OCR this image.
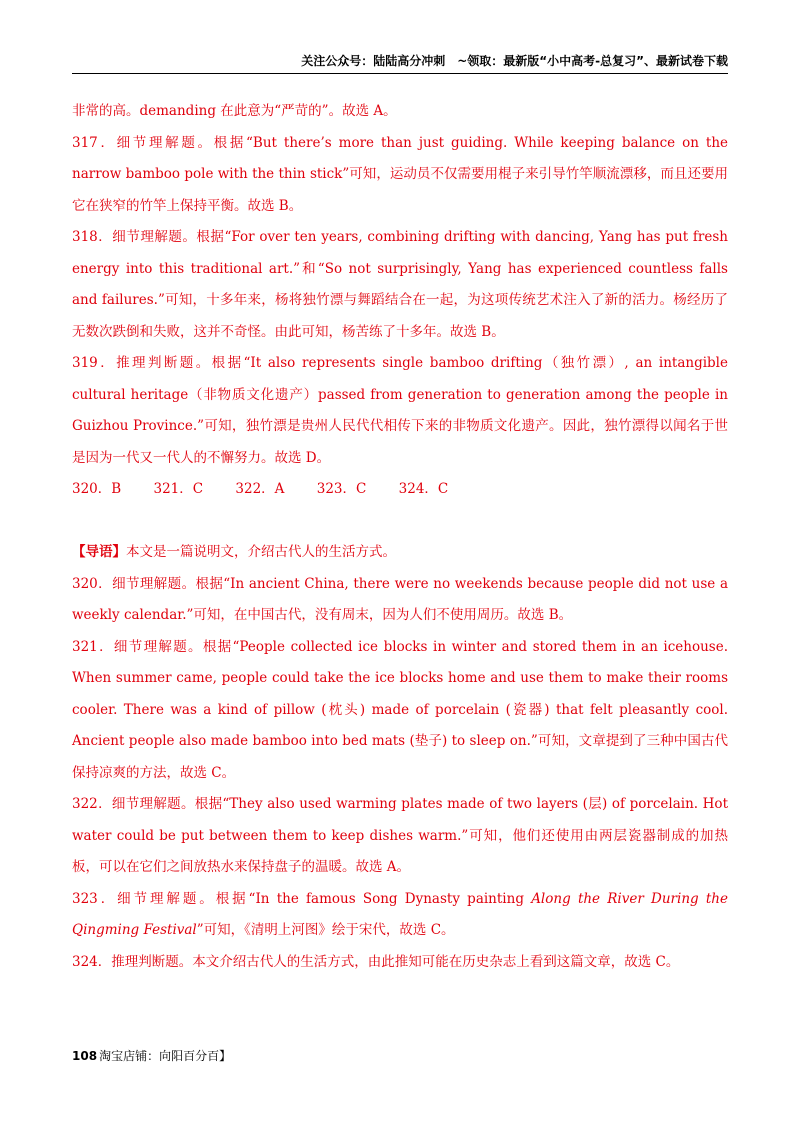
关注公众号：陆陆高分冲刺　~领取：最新版“小中高考-总复习”、最新试卷下载

非常的高。demanding 在此意为“严苛的”。故选 A。

317．细节理解题。根据“But there’s more than just guiding. While keeping balance on the narrow bamboo pole with the thin stick”可知，运动员不仅需要用棍子来引导竹竿顺流漂移，而且还要用它在狭窄的竹竿上保持平衡。故选 B。

318．细节理解题。根据“For over ten years, combining drifting with dancing, Yang has put fresh energy into this traditional art.”和“So not surprisingly, Yang has experienced countless falls and failures.”可知，十多年来，杨将独竹漂与舞蹈结合在一起，为这项传统艺术注入了新的活力。杨经历了无数次跌倒和失败，这并不奇怪。由此可知，杨苦练了十多年。故选 B。

319．推理判断题。根据“It also represents single bamboo drifting（独竹漂）, an intangible cultural heritage（非物质文化遗产）passed from generation to generation among the people in Guizhou Province.”可知，独竹漂是贵州人民代代相传下来的非物质文化遗产。因此，独竹漂得以闻名于世是因为一代又一代人的不懈努力。故选 D。

320．B 321．C 322．A 323．C 324．C

【导语】本文是一篇说明文，介绍古代人的生活方式。

320．细节理解题。根据“In ancient China, there were no weekends because people did not use a weekly calendar.”可知，在中国古代，没有周末，因为人们不使用周历。故选 B。

321．细节理解题。根据“People collected ice blocks in winter and stored them in an icehouse. When summer came, people could take the ice blocks home and use them to make their rooms cooler. There was a kind of pillow (枕头) made of porcelain (瓷器) that felt pleasantly cool. Ancient people also made bamboo into bed mats (垫子) to sleep on.”可知，文章提到了三种中国古代保持凉爽的方法，故选 C。

322．细节理解题。根据“They also used warming plates made of two layers (层) of porcelain. Hot water could be put between them to keep dishes warm.”可知，他们还使用由两层瓷器制成的加热板，可以在它们之间放热水来保持盘子的温暖。故选 A。

323．细节理解题。根据“In the famous Song Dynasty painting Along the River During the Qingming Festival”可知，《清明上河图》绘于宋代，故选 C。

324．推理判断题。本文介绍古代人的生活方式，由此推知可能在历史杂志上看到这篇文章，故选 C。

108 淘宝店铺：向阳百分百】
